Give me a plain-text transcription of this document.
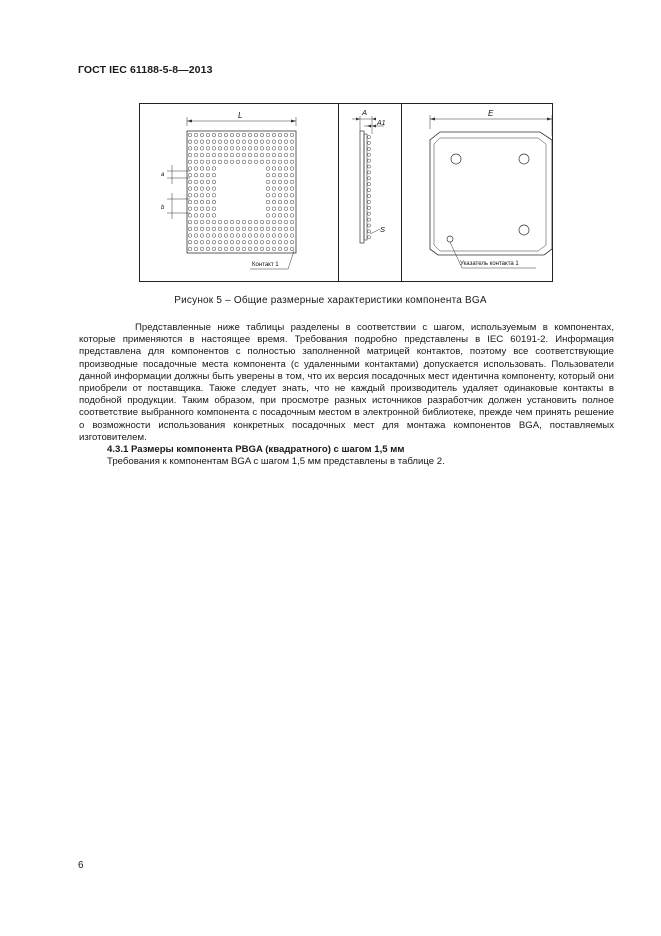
ГОСТ IEC 61188-5-8—2013
L
a
b
Контакт 1
A
A1
S
E
Указатель контакта 1
Рисунок 5 – Общие размерные характеристики компонента BGA

Представленные ниже таблицы разделены в соответствии с шагом, используемым в компонентах, которые применяются в настоящее время. Требования подробно представлены в IEC 60191-2. Информация представлена для компонентов с полностью заполненной матрицей контактов, поэтому все соответствующие производные посадочные места компонента (с удаленными контактами) допускается использовать. Пользователи данной информации должны быть уверены в том, что их версия посадочных мест идентична компоненту, который они приобрели от поставщика. Также следует знать, что не каждый производитель удаляет одинаковые контакты в подобной продукции. Таким образом, при просмотре разных источников разработчик должен установить полное соответствие выбранного компонента с посадочным местом в электронной библиотеке, прежде чем принять решение о возможности использования конкретных посадочных мест для монтажа компонентов BGA, поставляемых изготовителем.

4.3.1 Размеры компонента PBGA (квадратного) с шагом 1,5 мм

Требования к компонентам BGA с шагом 1,5 мм представлены в таблице 2.

6
